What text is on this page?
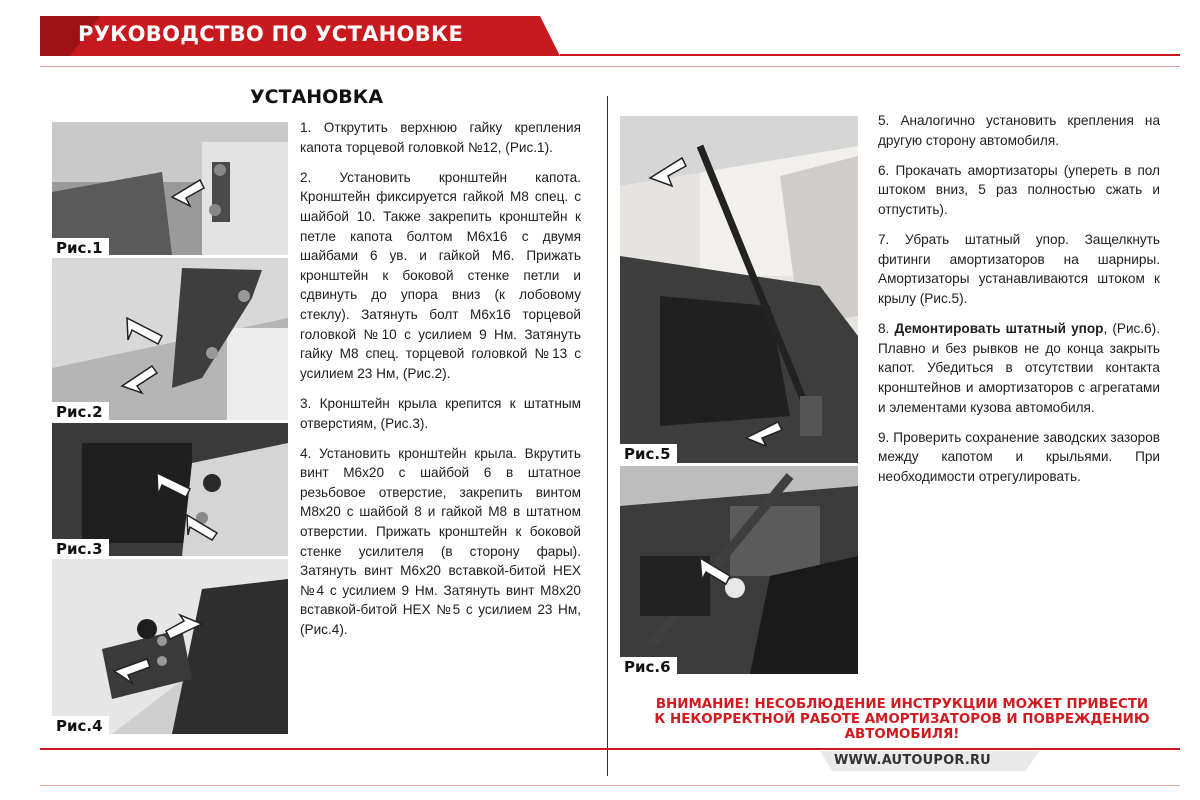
РУКОВОДСТВО ПО УСТАНОВКЕ
УСТАНОВКА
Рис.1
Рис.2
Рис.3
Рис.4

1. Открутить верхнюю гайку крепления капота торцевой головкой №12, (Рис.1).

2. Установить кронштейн капота. Кронштейн фиксируется гайкой М8 спец. с шайбой 10. Также закрепить кронштейн к петле капота болтом М6х16 с двумя шайбами 6 ув. и гайкой М6. Прижать кронштейн к боковой стенке петли и сдвинуть до упора вниз (к лобовому стеклу). Затянуть болт М6х16 торцевой головкой №10 с усилием 9 Нм. Затянуть гайку М8 спец. торцевой головкой №13 с усилием 23 Нм, (Рис.2).

3. Кронштейн крыла крепится к штатным отверстиям, (Рис.3).

4. Установить кронштейн крыла. Вкрутить винт М6х20 с шайбой 6 в штатное резьбовое отверстие, закрепить винтом М8х20 с шайбой 8 и гайкой М8 в штатном отверстии. Прижать кронштейн к боковой стенке усилителя (в сторону фары). Затянуть винт М6х20 вставкой-битой HEX №4 с усилием 9 Нм. Затянуть винт М8х20 вставкой-битой HEX №5 с усилием 23 Нм, (Рис.4).

Рис.5
Рис.6

5. Аналогично установить крепления на другую сторону автомобиля.

6. Прокачать амортизаторы (упереть в пол штоком вниз, 5 раз полностью сжать и отпустить).

7. Убрать штатный упор. Защелкнуть фитинги амортизаторов на шарниры. Амортизаторы устанавливаются штоком к крылу (Рис.5).

8. Демонтировать штатный упор, (Рис.6). Плавно и без рывков не до конца закрыть капот. Убедиться в отсутствии контакта кронштейнов и амортизаторов с агрегатами и элементами кузова автомобиля.

9. Проверить сохранение заводских зазоров между капотом и крыльями. При необходимости отрегулировать.

ВНИМАНИЕ! НЕСОБЛЮДЕНИЕ ИНСТРУКЦИИ МОЖЕТ ПРИВЕСТИ К НЕКОРРЕКТНОЙ РАБОТЕ АМОРТИЗАТОРОВ И ПОВРЕЖДЕНИЮ АВТОМОБИЛЯ!
WWW.AUTOUPOR.RU
